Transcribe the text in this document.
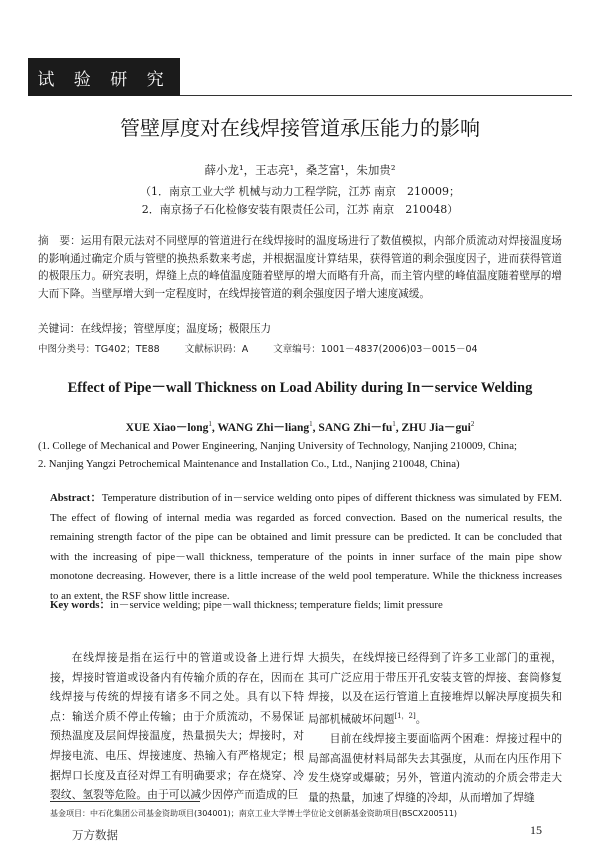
试 验 研 究
管壁厚度对在线焊接管道承压能力的影响
薛小龙¹，王志亮¹，桑芝富¹，朱加贵²
（1．南京工业大学 机械与动力工程学院，江苏 南京　210009；
2．南京扬子石化检修安装有限责任公司，江苏 南京　210048）
摘　要：运用有限元法对不同壁厚的管道进行在线焊接时的温度场进行了数值模拟，内部介质流动对焊接温度场的影响通过确定介质与管壁的换热系数来考虑，并根据温度计算结果，获得管道的剩余强度因子，进而获得管道的极限压力。研究表明，焊缝上点的峰值温度随着壁厚的增大而略有升高，而主管内壁的峰值温度随着壁厚的增大而下降。当壁厚增大到一定程度时，在线焊接管道的剩余强度因子增大速度减缓。
关键词：在线焊接；管壁厚度；温度场；极限压力
中图分类号：TG402；TE88	文献标识码：A	文章编号：1001－4837(2006)03－0015－04
Effect of Pipe－wall Thickness on Load Ability during In－service Welding
XUE Xiao－long$^1$, WANG Zhi－liang$^1$, SANG $Zhi-fu^1$, ZHU Jia－gui$^2$
(1. College of Mechanical and Power Engineering, Nanjing University of Technology, Nanjing 210009, China;
2. Nanjing Yangzi Petrochemical Maintenance and Installation Co., Ltd., Nanjing 210048, China)
Abstract：Temperature distribution of in－service welding onto pipes of different thickness was simulated by FEM. The effect of flowing of internal media was regarded as forced convection. Based on the numerical results, the remaining strength factor of the pipe can be obtained and limit pressure can be predicted. It can be concluded that with the increasing of pipe－wall thickness, temperature of the points in inner surface of the main pipe show monotone decreasing. However, there is a little increase of the weld pool temperature. While the thickness increases to an extent, the RSF show little increase.
Key words：in－service welding; pipe－wall thickness; temperature fields; limit pressure
在线焊接是指在运行中的管道或设备上进行焊接，焊接时管道或设备内有传输介质的存在，因而在线焊接与传统的焊接有诸多不同之处。具有以下特点：输送介质不停止传输；由于介质流动，不易保证预热温度及层间焊接温度，热量损失大；焊接时，对焊接电流、电压、焊接速度、热输入有严格规定；根据焊口长度及直径对焊工有明确要求；存在烧穿、冷裂纹、氢裂等危险。由于可以减少因停产而造成的巨
大损失，在线焊接已经得到了许多工业部门的重视，其可广泛应用于带压开孔安装支管的焊接、套筒修复焊接，以及在运行管道上直接堆焊以解决厚度损失和局部机械破坏问题[1，2]。
目前在线焊接主要面临两个困难：焊接过程中的局部高温使材料局部失去其强度，从而在内压作用下发生烧穿或爆破；另外，管道内流动的介质会带走大量的热量，加速了焊缝的冷却，从而增加了焊缝
基金项目：中石化集团公司基金资助项目(304001)；南京工业大学博士学位论文创新基金资助项目(BSCX200511)
万方数据	15
